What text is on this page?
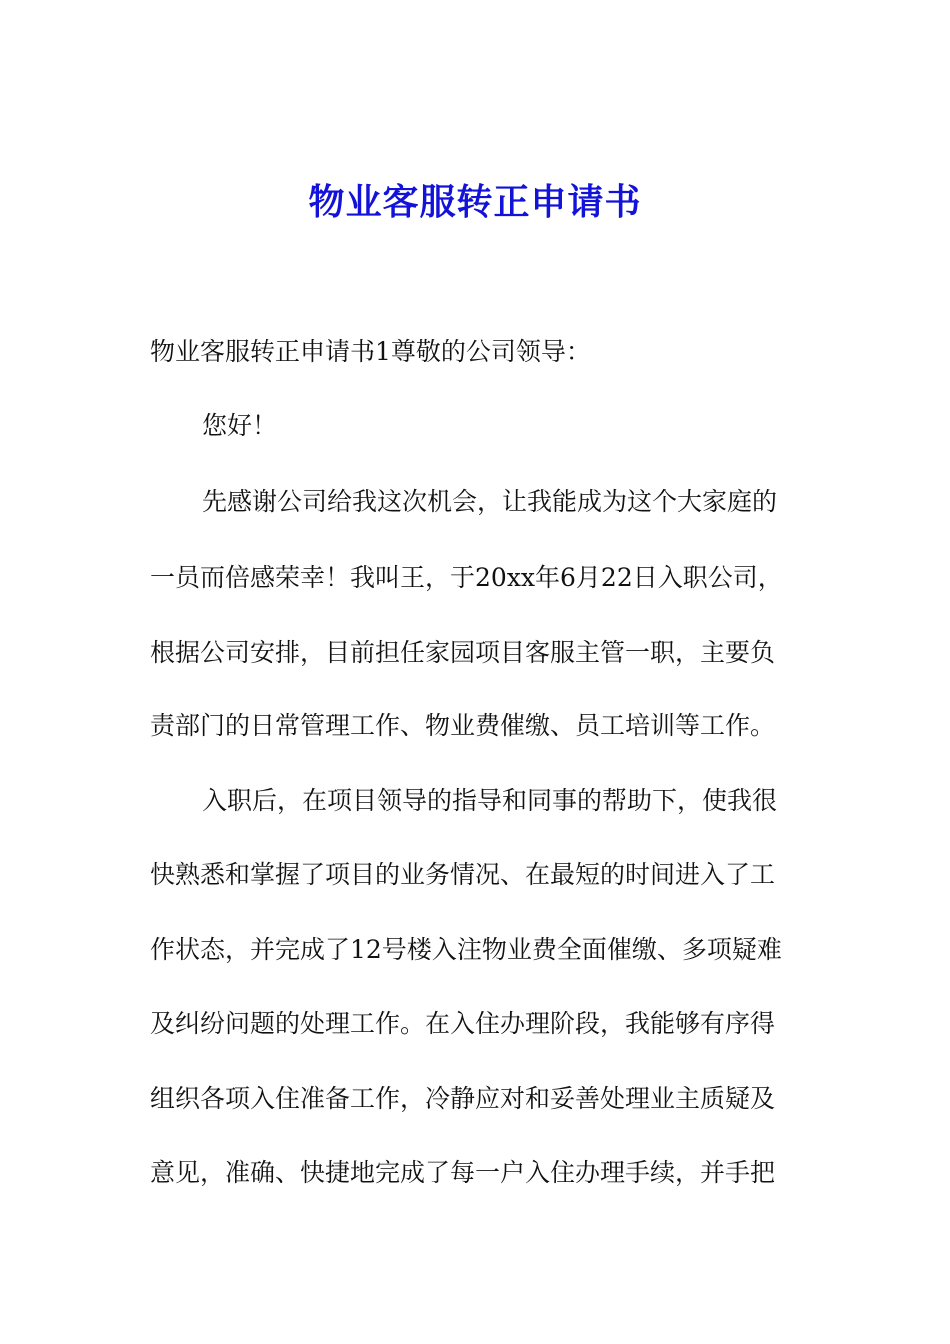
物业客服转正申请书
物业客服转正申请书1尊敬的公司领导：
您好！
先感谢公司给我这次机会，让我能成为这个大家庭的
一员而倍感荣幸！我叫王，于20xx年6月22日入职公司，
根据公司安排，目前担任家园项目客服主管一职，主要负
责部门的日常管理工作、物业费催缴、员工培训等工作。
入职后，在项目领导的指导和同事的帮助下，使我很
快熟悉和掌握了项目的业务情况、在最短的时间进入了工
作状态，并完成了12号楼入注物业费全面催缴、多项疑难
及纠纷问题的处理工作。在入住办理阶段，我能够有序得
组织各项入住准备工作，冷静应对和妥善处理业主质疑及
意见，准确、快捷地完成了每一户入住办理手续，并手把
